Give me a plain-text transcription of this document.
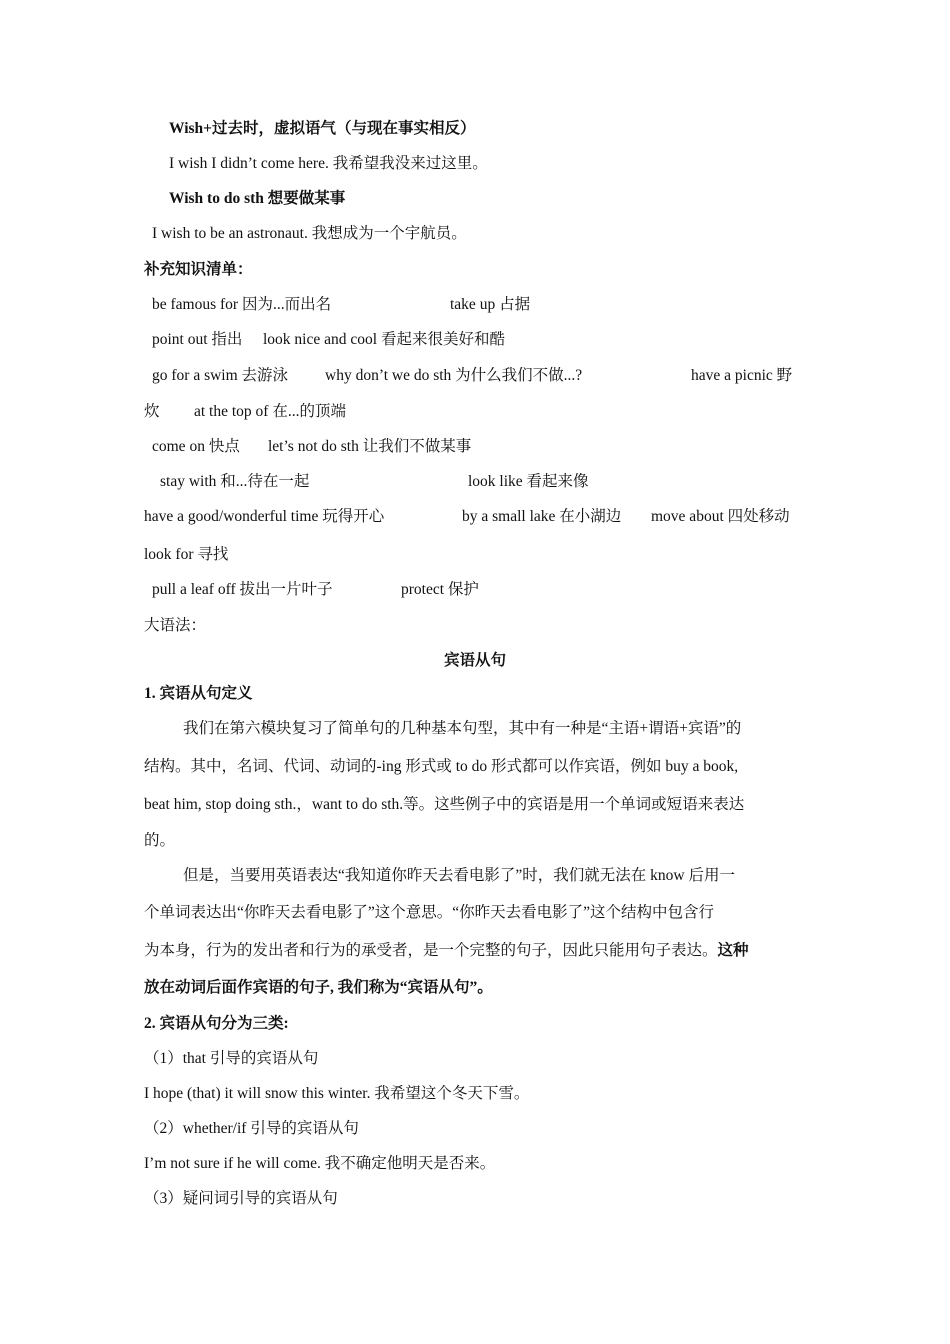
Wish+过去时，虚拟语气（与现在事实相反）
I wish I didn’t come here. 我希望我没来过这里。
Wish to do sth 想要做某事
I wish to be an astronaut. 我想成为一个宇航员。
补充知识清单：
be famous for 因为...而出名	take up 占据
point out 指出 look nice and cool 看起来很美好和酷
go for a swim 去游泳 why don’t we do sth 为什么我们不做...?	have a picnic 野
炊 at the top of 在...的顶端
come on 快点 let’s not do sth 让我们不做某事
stay with 和...待在一起	look like 看起来像
have a good/wonderful time 玩得开心	by a small lake 在小湖边 move about 四处移动
look for 寻找
pull a leaf off 拔出一片叶子	protect 保护
大语法：
宾语从句
1. 宾语从句定义
我们在第六模块复习了简单句的几种基本句型，其中有一种是“主语+谓语+宾语”的
结构。其中，名词、代词、动词的-ing 形式或 to do 形式都可以作宾语，例如 buy a book,
beat him, stop doing sth.，want to do sth.等。这些例子中的宾语是用一个单词或短语来表达
的。
但是，当要用英语表达“我知道你昨天去看电影了”时，我们就无法在 know 后用一
个单词表达出“你昨天去看电影了”这个意思。“你昨天去看电影了”这个结构中包含行
为本身，行为的发出者和行为的承受者，是一个完整的句子，因此只能用句子表达。这种
放在动词后面作宾语的句子, 我们称为“宾语从句”。
2. 宾语从句分为三类:
（1）that 引导的宾语从句
I hope (that) it will snow this winter. 我希望这个冬天下雪。
（2）whether/if 引导的宾语从句
I’m not sure if he will come. 我不确定他明天是否来。
（3）疑问词引导的宾语从句
